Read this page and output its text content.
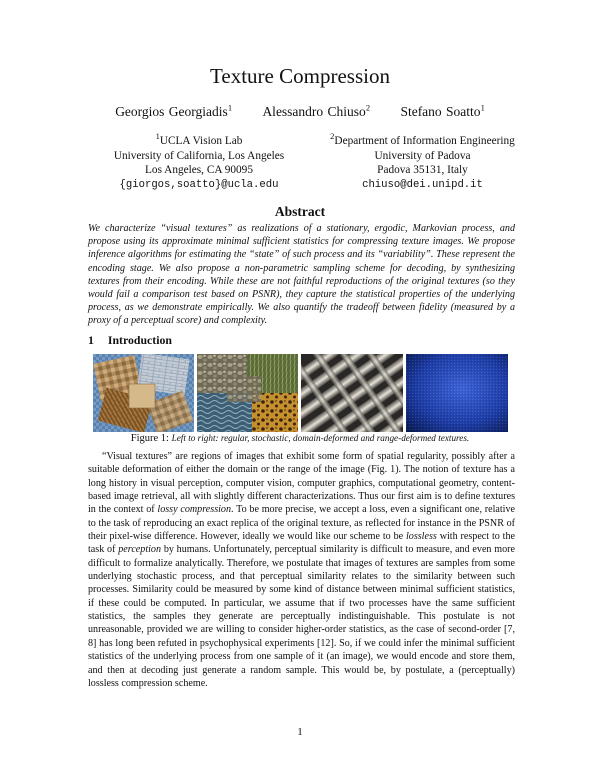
Texture Compression
Georgios Georgiadis$^1$ Alessandro Chiuso$^2$ Stefano Soatto$^1$
$^1$UCLA Vision Lab
University of California, Los Angeles
Los Angeles, CA 90095
{giorgos,soatto}@ucla.edu
$^2$Department of Information Engineering
University of Padova
Padova 35131, Italy
chiuso@dei.unipd.it
Abstract
We characterize “visual textures” as realizations of a stationary, ergodic, Markovian process, and propose using its approximate minimal sufficient statistics for compressing texture images. We propose inference algorithms for estimating the “state” of such process and its “variability”. These represent the encoding stage. We also propose a non-parametric sampling scheme for decoding, by synthesizing textures from their encoding. While these are not faithful reproductions of the original textures (so they would fail a comparison test based on PSNR), they capture the statistical properties of the underlying process, as we demonstrate empirically. We also quantify the tradeoff between fidelity (measured by a proxy of a perceptual score) and complexity.
1 Introduction
Figure 1: Left to right: regular, stochastic, domain-deformed and range-deformed textures.

“Visual textures” are regions of images that exhibit some form of spatial regularity, possibly after a suitable deformation of either the domain or the range of the image (Fig. 1). The notion of texture has a long history in visual perception, computer vision, computer graphics, computational geometry, content-based image retrieval, all with slightly different characterizations. Thus our first aim is to define textures in the context of lossy compression. To be more precise, we accept a loss, even a significant one, relative to the task of reproducing an exact replica of the original texture, as reflected for instance in the PSNR of their pixel-wise difference. However, ideally we would like our scheme to be lossless with respect to the task of perception by humans. Unfortunately, perceptual similarity is difficult to measure, and even more difficult to formalize analytically. Therefore, we postulate that images of textures are samples from some underlying stochastic process, and that perceptual similarity relates to the similarity between such processes. Similarity could be measured by some kind of distance between minimal sufficient statistics, if these could be computed. In particular, we assume that if two processes have the same sufficient statistics, the samples they generate are perceptually indistinguishable. This postulate is not unreasonable, provided we are willing to consider higher-order statistics, as the case of second-order [7, 8] has long been refuted in psychophysical experiments [12]. So, if we could infer the minimal sufficient statistics of the underlying process from one sample of it (an image), we would encode and store them, and then at decoding just generate a random sample. This would be, by postulate, a (perceptually) lossless compression scheme.

1
